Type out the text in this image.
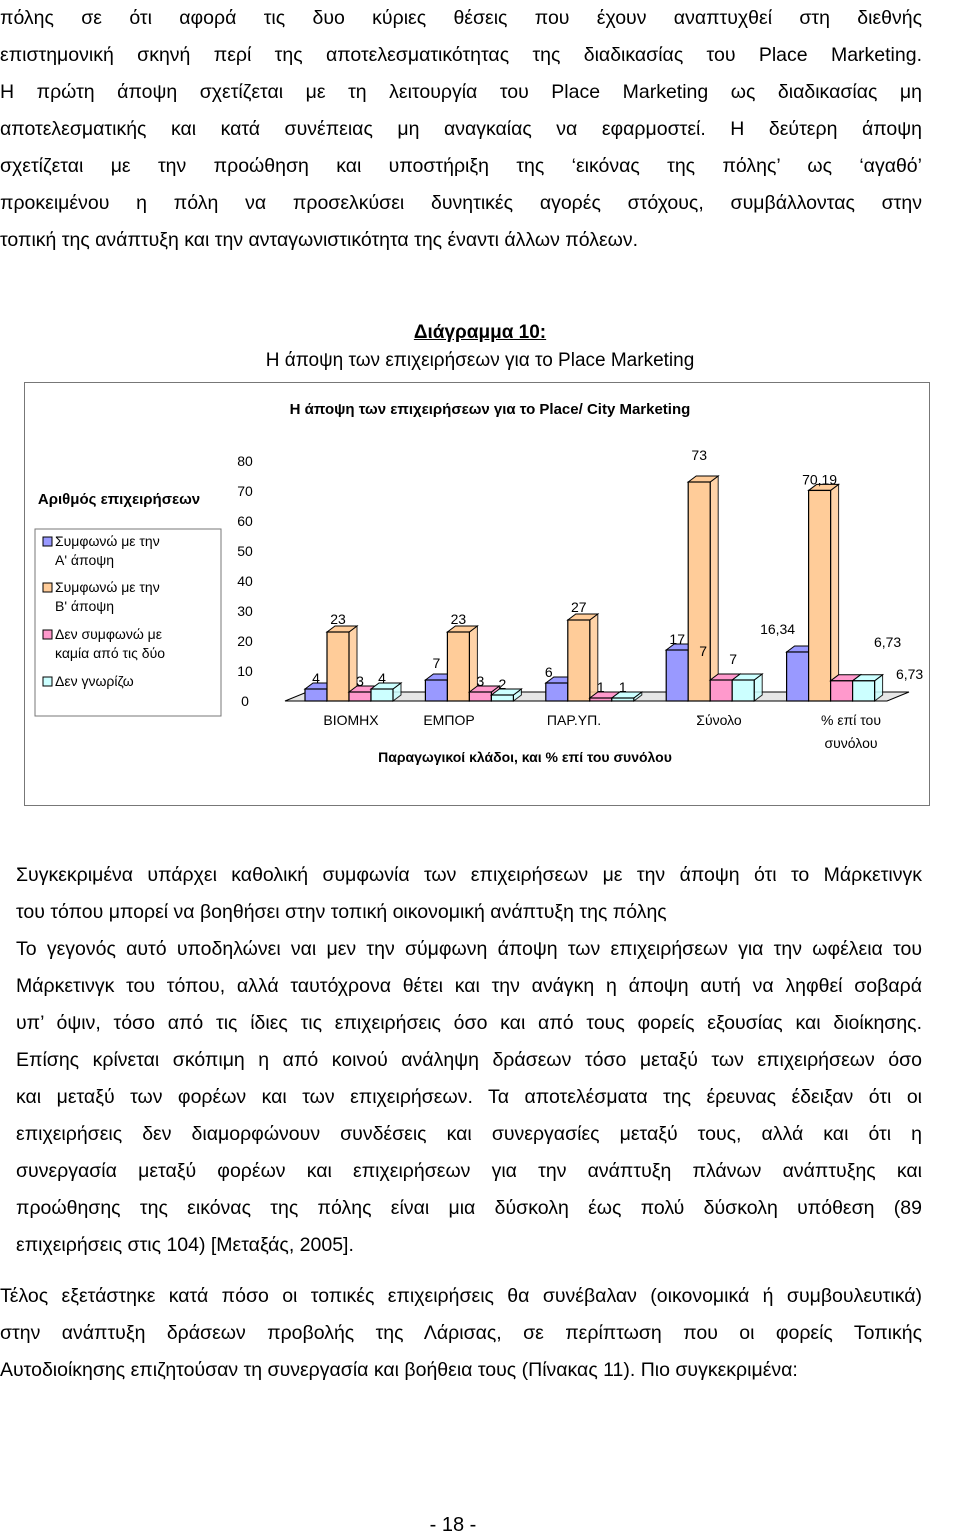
πόλης σε ότι αφορά τις δυο κύριες θέσεις που έχουν αναπτυχθεί στη διεθνής
επιστημονική σκηνή περί της αποτελεσματικότητας της διαδικασίας του Place Marketing.
Η πρώτη άποψη σχετίζεται με τη λειτουργία του Place Marketing ως διαδικασίας μη
αποτελεσματικής και κατά συνέπειας μη αναγκαίας να εφαρμοστεί. Η δεύτερη άποψη
σχετίζεται με την προώθηση και υποστήριξη της ‘εικόνας της πόλης’ ως ‘αγαθό’
προκειμένου η πόλη να προσελκύσει δυνητικές αγορές στόχους, συμβάλλοντας στην
τοπική της ανάπτυξη και την ανταγωνιστικότητα της έναντι άλλων πόλεων.
Διάγραμμα 10:
Η άποψη των επιχειρήσεων για το Place Marketing
Η άποψη των επιχειρήσεων για το Place/ City Marketing
Αριθμός επιχειρήσεων
0
10
20
30
40
50
60
70
80
4
7
6
17
16,34
23	23
27
73
70,19
3	3	1
7
6,73
4	2	1
7
6,73
ΒΙΟΜΗΧ	ΕΜΠΟΡ	ΠΑΡ.ΥΠ.	Σύνολο	% επί του
συνόλου
Παραγωγικοί κλάδοι, και % επί του συνόλου
Συμφωνώ με την
Α' άποψη
Συμφωνώ με την
Β' άποψη
Δεν συμφωνώ με
καμία από τις δύο
Δεν γνωρίζω
Συγκεκριμένα υπάρχει καθολική συμφωνία των επιχειρήσεων με την άποψη ότι το Μάρκετινγκ
του τόπου μπορεί να βοηθήσει στην τοπική οικονομική ανάπτυξη της πόλης
Το γεγονός αυτό υποδηλώνει ναι μεν την σύμφωνη άποψη των επιχειρήσεων για την ωφέλεια του
Μάρκετινγκ του τόπου, αλλά ταυτόχρονα θέτει και την ανάγκη η άποψη αυτή να ληφθεί σοβαρά
υπ’ όψιν, τόσο από τις ίδιες τις επιχειρήσεις όσο και από τους φορείς εξουσίας και διοίκησης.
Επίσης κρίνεται σκόπιμη η από κοινού ανάληψη δράσεων τόσο μεταξύ των επιχειρήσεων όσο
και μεταξύ των φορέων και των επιχειρήσεων. Τα αποτελέσματα της έρευνας έδειξαν ότι οι
επιχειρήσεις δεν διαμορφώνουν συνδέσεις και συνεργασίες μεταξύ τους, αλλά και ότι η
συνεργασία μεταξύ φορέων και επιχειρήσεων για την ανάπτυξη πλάνων ανάπτυξης και
προώθησης της εικόνας της πόλης είναι μια δύσκολη έως πολύ δύσκολη υπόθεση (89
επιχειρήσεις στις 104) [Μεταξάς, 2005].
Τέλος εξετάστηκε κατά πόσο οι τοπικές επιχειρήσεις θα συνέβαλαν (οικονομικά ή συμβουλευτικά)
στην ανάπτυξη δράσεων προβολής της Λάρισας, σε περίπτωση που οι φορείς Τοπικής
Αυτοδιοίκησης επιζητούσαν τη συνεργασία και βοήθεια τους (Πίνακας 11). Πιο συγκεκριμένα:
- 18 -
